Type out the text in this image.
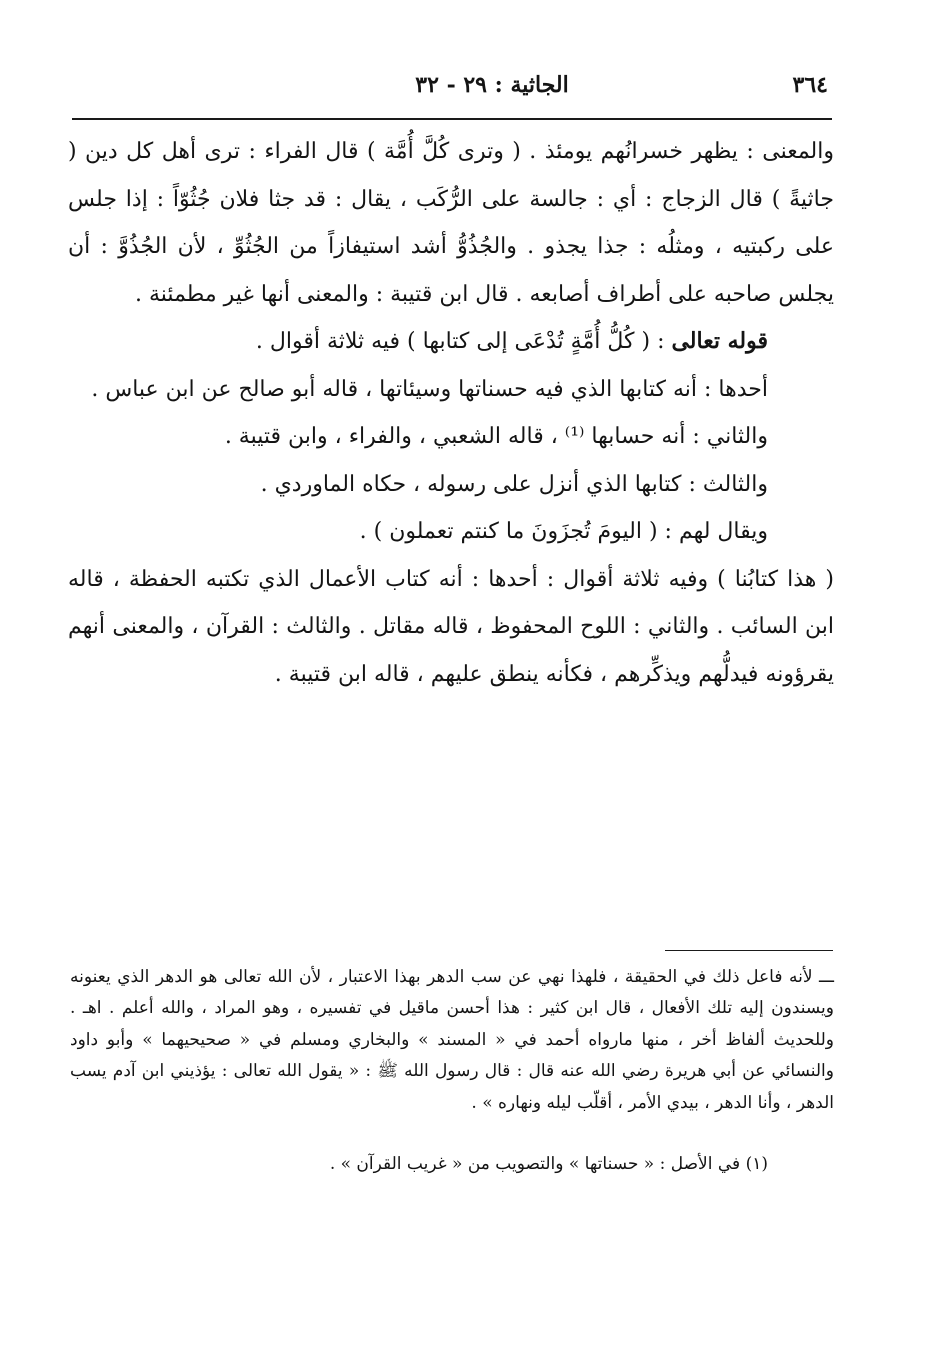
٣٦٤
الجاثية : ٢٩ - ٣٢

والمعنى : يظهر خسرانُهم يومئذ . ( وترى كُلَّ أُمَّة ) قال الفراء : ترى أهل كل دين ( جاثيةً ) قال الزجاج : أي : جالسة على الرُّكَب ، يقال : قد جثا فلان جُثُوّاً : إذا جلس على ركبتيه ، ومثلُه : جذا يجذو . والجُذُوُّ أشد استيفازاً من الجُثُوِّ ، لأن الجُذُوَّ : أن يجلس صاحبه على أطراف أصابعه . قال ابن قتيبة : والمعنى أنها غير مطمئنة .

قوله تعالى : ( كُلُّ أُمَّةٍ تُدْعَى إلى كتابها ) فيه ثلاثة أقوال .

أحدها : أنه كتابها الذي فيه حسناتها وسيئاتها ، قاله أبو صالح عن ابن عباس .

والثاني : أنه حسابها ⁽¹⁾ ، قاله الشعبي ، والفراء ، وابن قتيبة .

والثالث : كتابها الذي أنزل على رسوله ، حكاه الماوردي .

ويقال لهم : ( اليومَ تُجزَونَ ما كنتم تعملون ) .

( هذا كتابُنا ) وفيه ثلاثة أقوال : أحدها : أنه كتاب الأعمال الذي تكتبه الحفظة ، قاله ابن السائب . والثاني : اللوح المحفوظ ، قاله مقاتل . والثالث : القرآن ، والمعنى أنهم يقرؤونه فيدلُّهم ويذكِّرهم ، فكأنه ينطق عليهم ، قاله ابن قتيبة .

ـــ لأنه فاعل ذلك في الحقيقة ، فلهذا نهي عن سب الدهر بهذا الاعتبار ، لأن الله تعالى هو الدهر الذي يعنونه ويسندون إليه تلك الأفعال ، قال ابن كثير : هذا أحسن ماقيل في تفسيره ، وهو المراد ، والله أعلم . اهـ . وللحديث ألفاظ أخر ، منها مارواه أحمد في « المسند » والبخاري ومسلم في « صحيحيهما » وأبو داود والنسائي عن أبي هريرة رضي الله عنه قال : قال رسول الله ﷺ : « يقول الله تعالى : يؤذيني ابن آدم يسب الدهر ، وأنا الدهر ، بيدي الأمر ، أقلّب ليله ونهاره » .

(١) في الأصل : « حسناتها » والتصويب من « غريب القرآن » .
